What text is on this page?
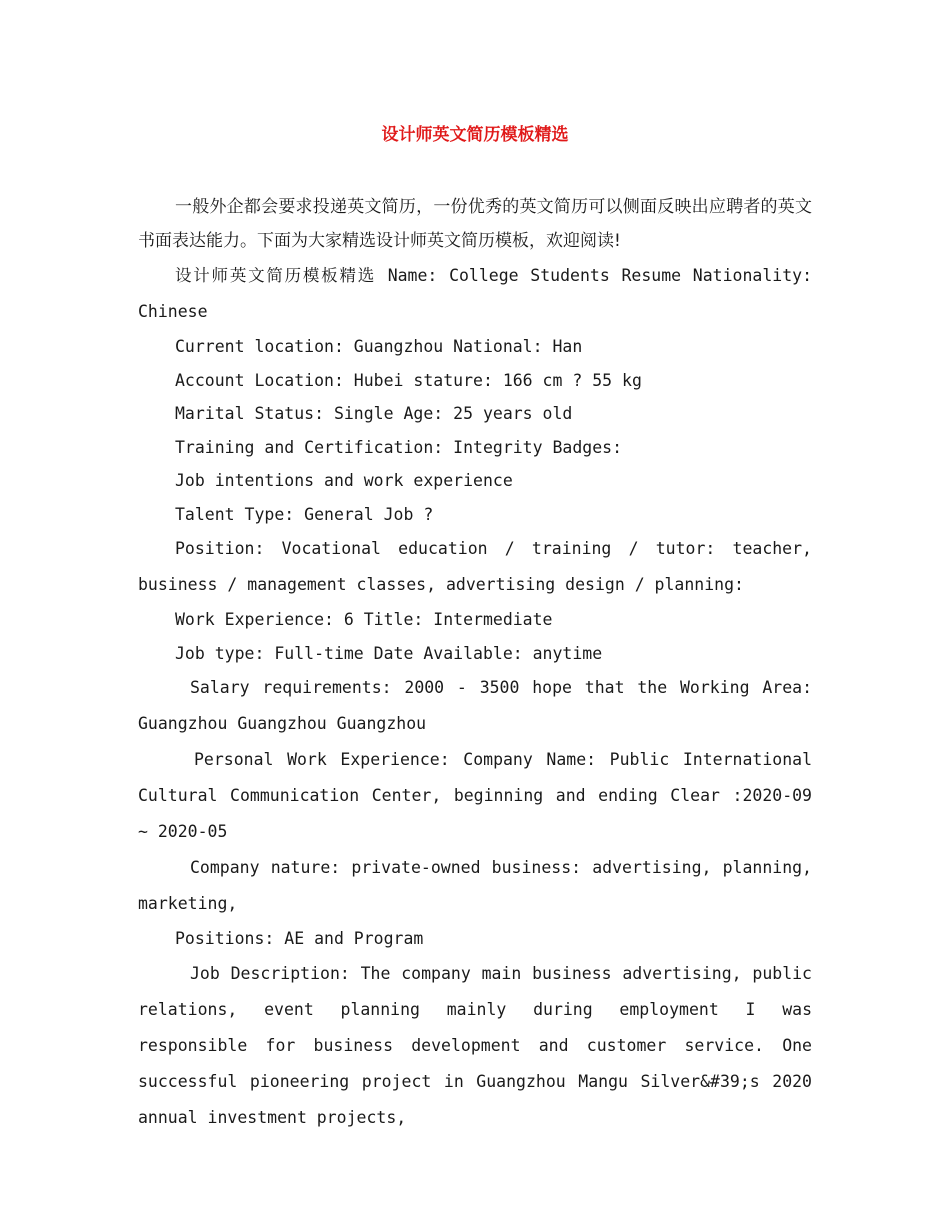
设计师英文简历模板精选

一般外企都会要求投递英文简历，一份优秀的英文简历可以侧面反映出应聘者的英文书面表达能力。下面为大家精选设计师英文简历模板，欢迎阅读!

设计师英文简历模板精选 Name: College Students Resume Nationality: Chinese

Current location: Guangzhou National: Han

Account Location: Hubei stature: 166 cm ? 55 kg

Marital Status: Single Age: 25 years old

Training and Certification: Integrity Badges:

Job intentions and work experience

Talent Type: General Job ?

Position: Vocational education / training / tutor: teacher, business / management classes, advertising design / planning:

Work Experience: 6 Title: Intermediate

Job type: Full-time Date Available: anytime

Salary requirements: 2000 - 3500 hope that the Working Area: Guangzhou Guangzhou Guangzhou

Personal Work Experience: Company Name: Public International Cultural Communication Center, beginning and ending Clear :2020-09 ~ 2020-05

Company nature: private-owned business: advertising, planning, marketing,

Positions: AE and Program

Job Description: The company main business advertising, public relations, event planning mainly during employment I was responsible for business development and customer service. One successful pioneering project in Guangzhou Mangu Silver&#39;s 2020 annual investment projects,
